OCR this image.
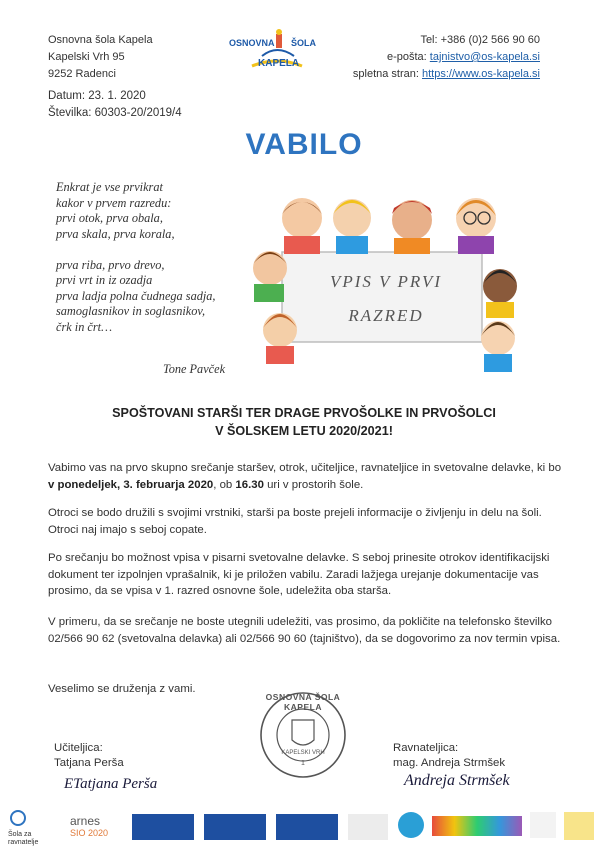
Osnovna šola Kapela
Kapelski Vrh 95
9252 Radenci
OSNOVNA ŠOLA
KAPELA
Tel: +386 (0)2 566 90 60
e-pošta: tajnistvo@os-kapela.si
spletna stran: https://www.os-kapela.si
Datum: 23. 1. 2020
Številka: 60303-20/2019/4
VABILO
Enkrat je vse prvikrat
kakor v prvem razredu:
prvi otok, prva obala,
prva skala, prva korala,
prva riba, prvo drevo,
prvi vrt in iz ozadja
prva ladja polna čudnega sadja,
samoglasnikov in soglasnikov,
črk in črt…
Tone Pavček
VPIS V PRVI
RAZRED
SPOŠTOVANI STARŠI TER DRAGE PRVOŠOLKE IN PRVOŠOLCI
V ŠOLSKEM LETU 2020/2021!
Vabimo vas na prvo skupno srečanje staršev, otrok, učiteljice, ravnateljice in svetovalne delavke, ki bo v ponedeljek, 3. februarja 2020, ob 16.30 uri v prostorih šole.
Otroci se bodo družili s svojimi vrstniki, starši pa boste prejeli informacije o življenju in delu na šoli. Otroci naj imajo s seboj copate.
Po srečanju bo možnost vpisa v pisarni svetovalne delavke. S seboj prinesite otrokov identifikacijski dokument ter izpolnjen vprašalnik, ki je priložen vabilu. Zaradi lažjega urejanje dokumentacije vas prosimo, da se vpisa v 1. razred osnovne šole, udeležita oba starša.
V primeru, da se srečanje ne boste utegnili udeležiti, vas prosimo, da pokličite na telefonsko številko 02/566 90 62 (svetovalna delavka) ali 02/566 90 60 (tajništvo), da se dogovorimo za nov termin vpisa.
Veselimo se druženja z vami.
OSNOVNA ŠOLA KAPELA
KAPELSKI VRH
1
Učiteljica:
Tatjana Perša
ETatjana Perša
Ravnateljica:
mag. Andreja Strmšek
Andreja Strmšek
Šola za ravnatelje
arnes
SIO 2020
